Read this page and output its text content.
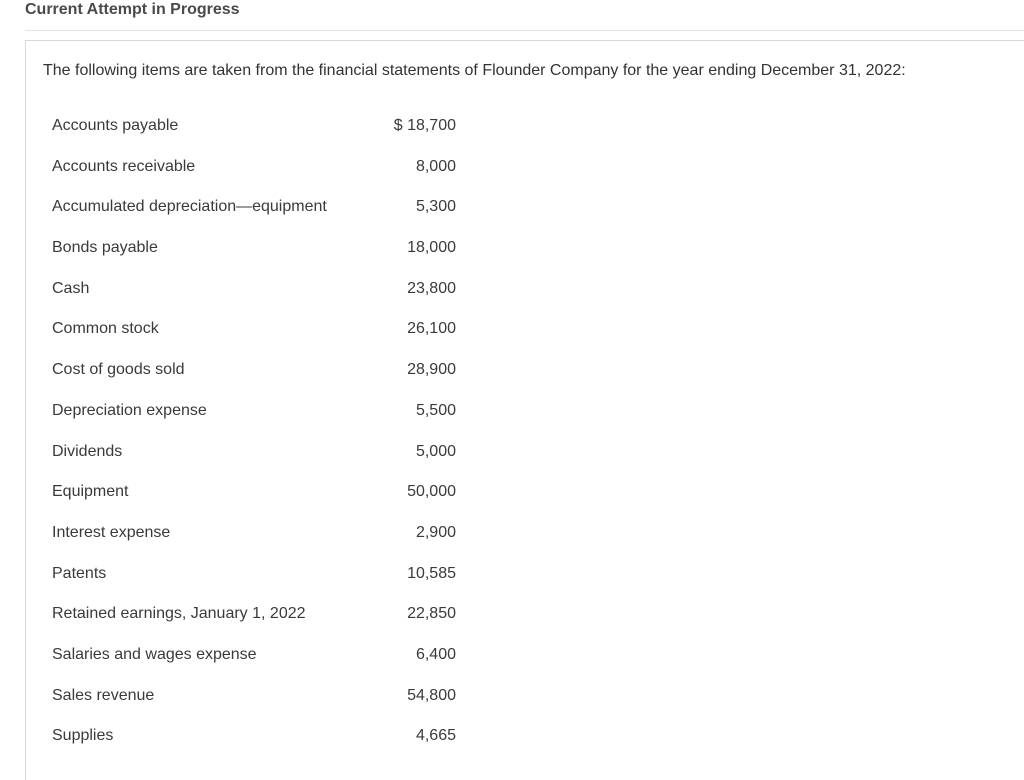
Current Attempt in Progress
The following items are taken from the financial statements of Flounder Company for the year ending December 31, 2022:
Accounts payable	$ 18,700
Accounts receivable	8,000
Accumulated depreciation—equipment	5,300
Bonds payable	18,000
Cash	23,800
Common stock	26,100
Cost of goods sold	28,900
Depreciation expense	5,500
Dividends	5,000
Equipment	50,000
Interest expense	2,900
Patents	10,585
Retained earnings, January 1, 2022	22,850
Salaries and wages expense	6,400
Sales revenue	54,800
Supplies	4,665
